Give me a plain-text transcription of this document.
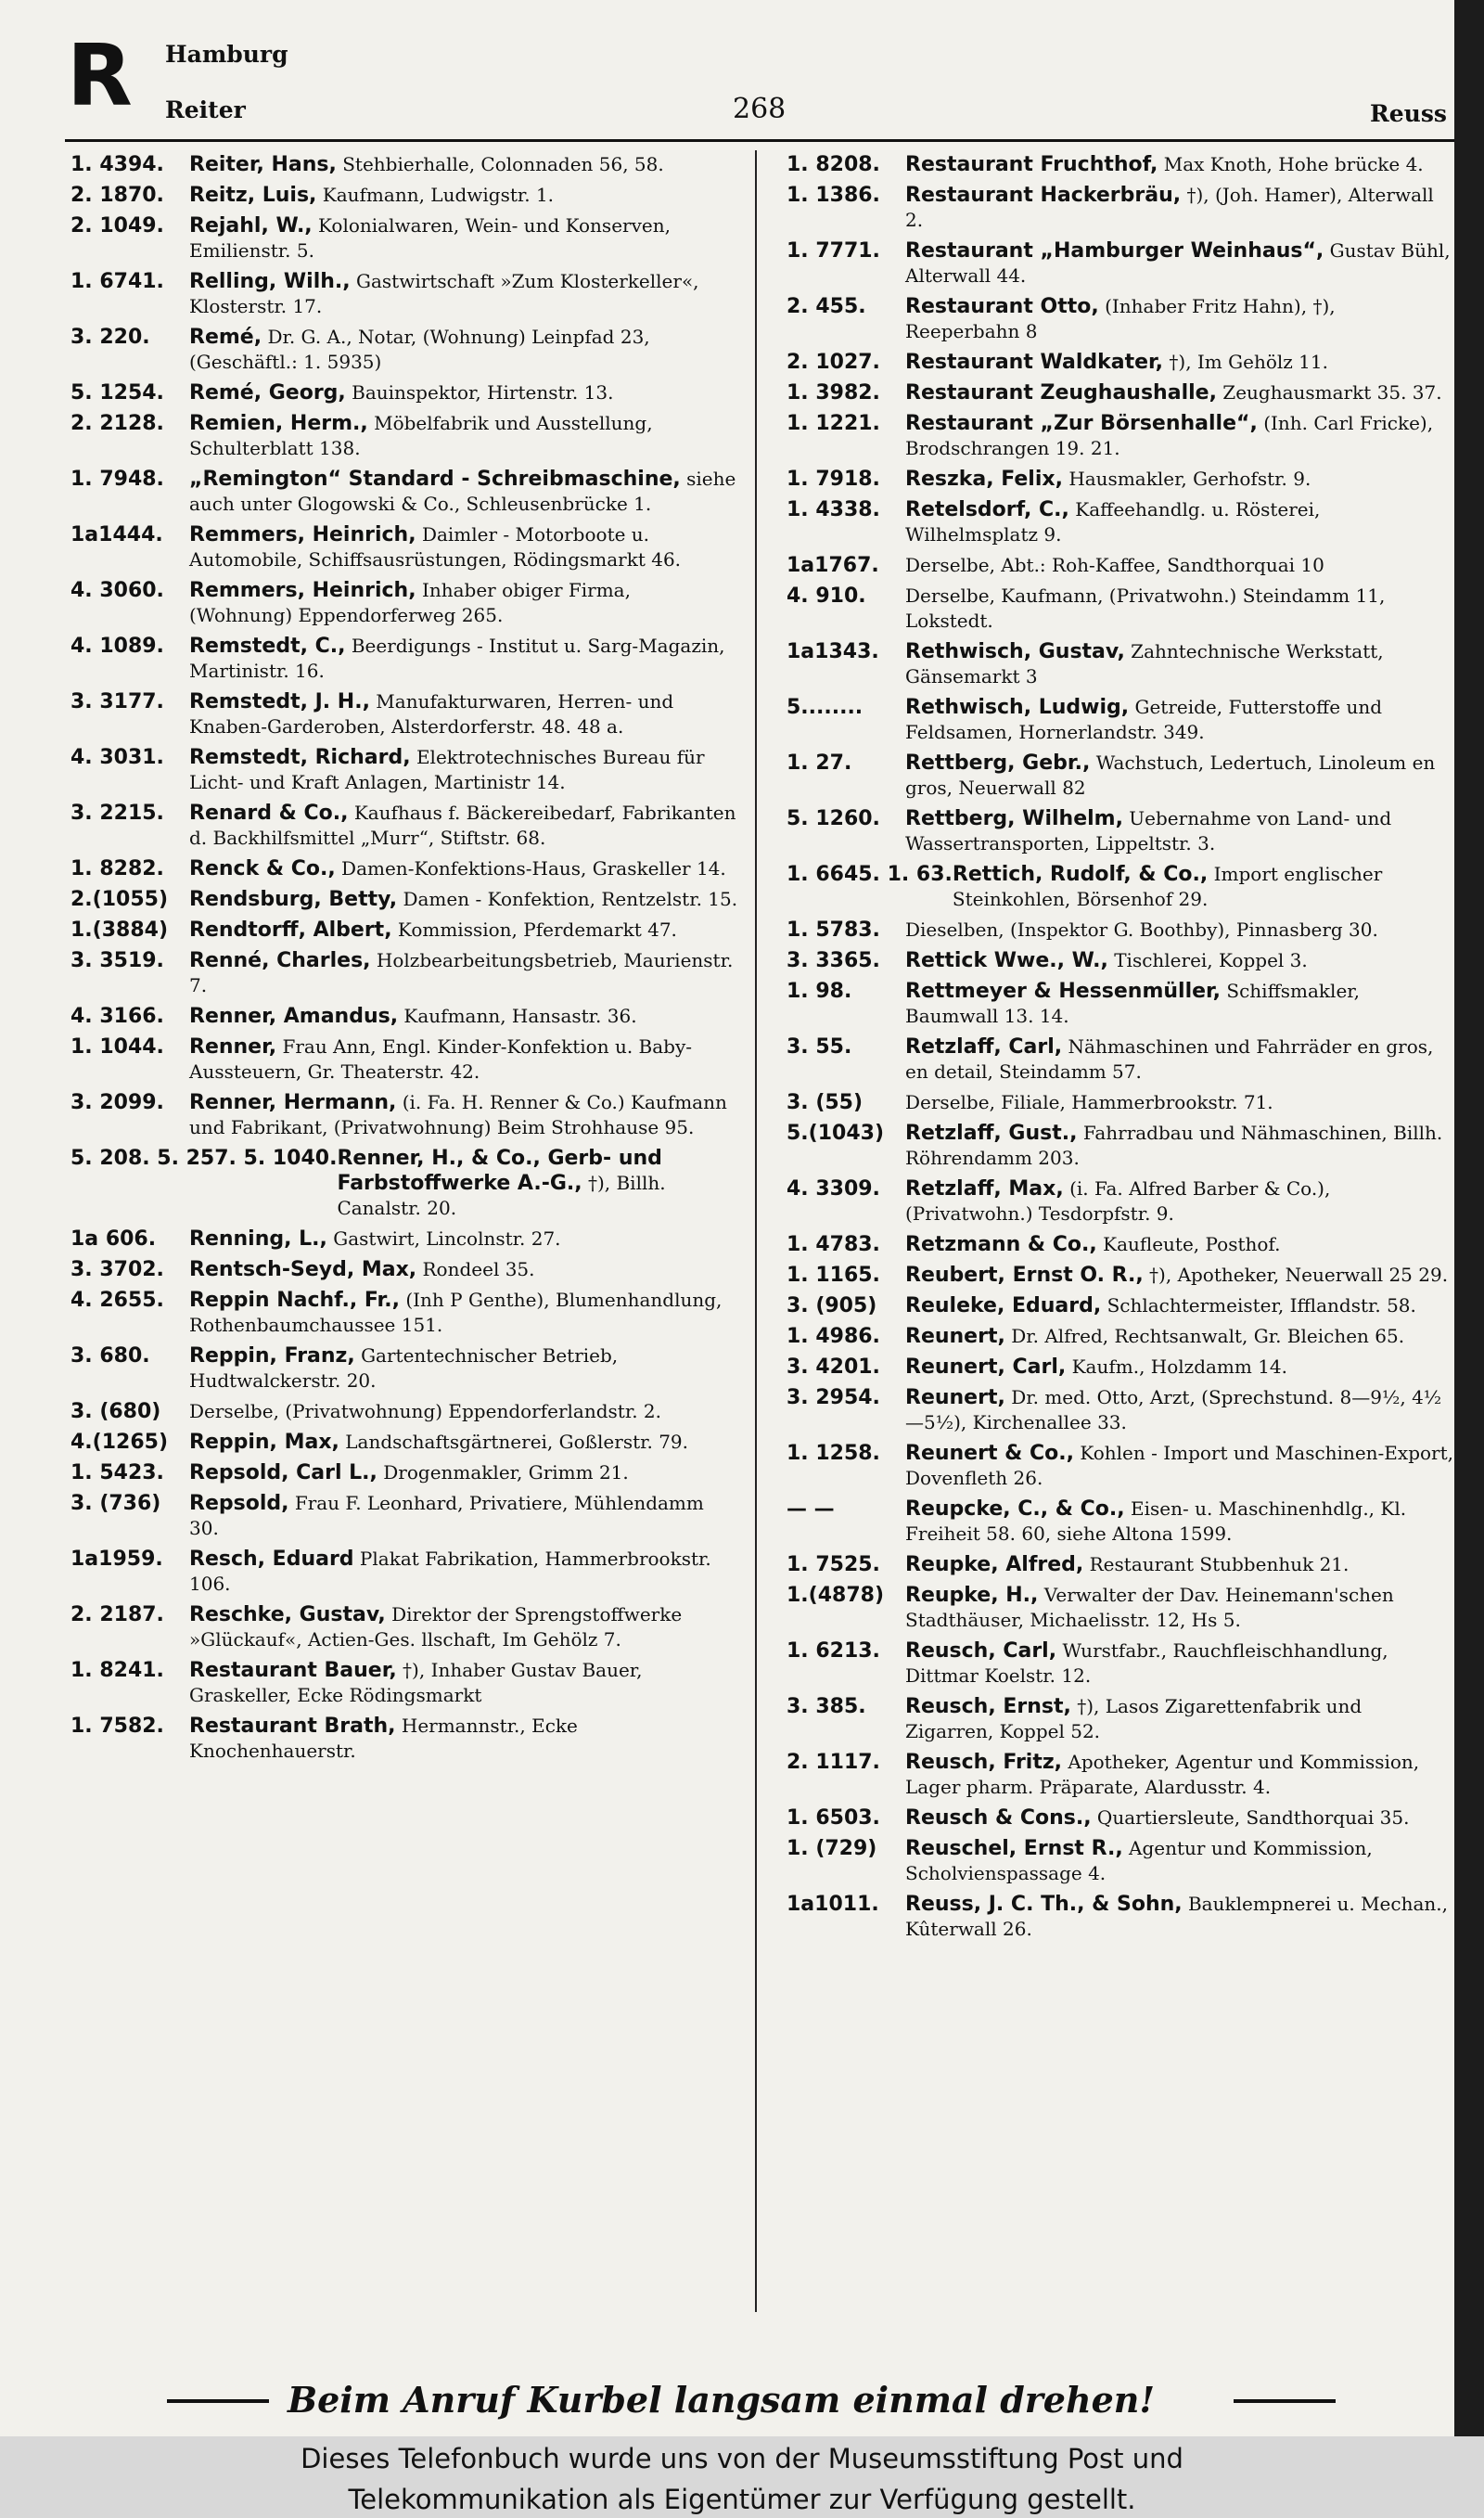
R Hamburg
Reiter	268	Reuss
1. 4394.	Reiter, Hans, Stehbierhalle, Colonnaden 56, 58.
2. 1870.	Reitz, Luis, Kaufmann, Ludwigstr. 1.
2. 1049.	Rejahl, W., Kolonialwaren, Wein- und Konserven, Emilienstr. 5.
1. 6741.	Relling, Wilh., Gastwirtschaft »Zum Klosterkeller«, Klosterstr. 17.
3. 220.	Remé, Dr. G. A., Notar, (Wohnung) Leinpfad 23, (Geschäftl.: 1. 5935)
5. 1254.	Remé, Georg, Bauinspektor, Hirtenstr. 13.
2. 2128.	Remien, Herm., Möbelfabrik und Ausstellung, Schulterblatt 138.
1. 7948.	„Remington“ Standard - Schreibmaschine, siehe auch unter Glogowski & Co., Schleusenbrücke 1.
1a1444.	Remmers, Heinrich, Daimler - Motorboote u. Automobile, Schiffsausrüstungen, Rödingsmarkt 46.
4. 3060.	Remmers, Heinrich, Inhaber obiger Firma, (Wohnung) Eppendorferweg 265.
4. 1089.	Remstedt, C., Beerdigungs - Institut u. Sarg-Magazin, Martinistr. 16.
3. 3177.	Remstedt, J. H., Manufakturwaren, Herren- und Knaben-Garderoben, Alsterdorferstr. 48. 48 a.
4. 3031.	Remstedt, Richard, Elektrotechnisches Bureau für Licht- und Kraft Anlagen, Martinistr 14.
3. 2215.	Renard & Co., Kaufhaus f. Bäckereibedarf, Fabrikanten d. Backhilfsmittel „Murr“, Stiftstr. 68.
1. 8282.	Renck & Co., Damen-Konfektions-Haus, Graskeller 14.
2.(1055)	Rendsburg, Betty, Damen - Konfektion, Rentzelstr. 15.
1.(3884)	Rendtorff, Albert, Kommission, Pferdemarkt 47.
3. 3519.	Renné, Charles, Holzbearbeitungsbetrieb, Maurienstr. 7.
4. 3166.	Renner, Amandus, Kaufmann, Hansastr. 36.
1. 1044.	Renner, Frau Ann, Engl. Kinder-Konfektion u. Baby-Aussteuern, Gr. Theaterstr. 42.
3. 2099.	Renner, Hermann, (i. Fa. H. Renner & Co.) Kaufmann und Fabrikant, (Privatwohnung) Beim Strohhause 95.
5. 208. 5. 257. 5. 1040. Renner, H., & Co., Gerb- und Farbstoffwerke A.-G., †), Billh. Canalstr. 20.
1a 606.	Renning, L., Gastwirt, Lincolnstr. 27.
3. 3702.	Rentsch-Seyd, Max, Rondeel 35.
4. 2655.	Reppin Nachf., Fr., (Inh P Genthe), Blumenhandlung, Rothenbaumchaussee 151.
3. 680.	Reppin, Franz, Gartentechnischer Betrieb, Hudtwalckerstr. 20.
3. (680)	Derselbe, (Privatwohnung) Eppendorferlandstr. 2.
4.(1265)	Reppin, Max, Landschaftsgärtnerei, Goßlerstr. 79.
1. 5423.	Repsold, Carl L., Drogenmakler, Grimm 21.
3. (736)	Repsold, Frau F. Leonhard, Privatiere, Mühlendamm 30.
1a1959.	Resch, Eduard Plakat Fabrikation, Hammerbrookstr. 106.
2. 2187.	Reschke, Gustav, Direktor der Sprengstoffwerke »Glückauf«, Actien-Ges. llschaft, Im Gehölz 7.
1. 8241.	Restaurant Bauer, †), Inhaber Gustav Bauer, Graskeller, Ecke Rödingsmarkt
1. 7582.	Restaurant Brath, Hermannstr., Ecke Knochenhauerstr.
1. 8208.	Restaurant Fruchthof, Max Knoth, Hohe brücke 4.
1. 1386.	Restaurant Hackerbräu, †), (Joh. Hamer), Alterwall 2.
1. 7771.	Restaurant „Hamburger Weinhaus“, Gustav Bühl, Alterwall 44.
2. 455.	Restaurant Otto, (Inhaber Fritz Hahn), †), Reeperbahn 8
2. 1027.	Restaurant Waldkater, †), Im Gehölz 11.
1. 3982.	Restaurant Zeughaushalle, Zeughausmarkt 35. 37.
1. 1221.	Restaurant „Zur Börsenhalle“, (Inh. Carl Fricke), Brodschrangen 19. 21.
1. 7918.	Reszka, Felix, Hausmakler, Gerhofstr. 9.
1. 4338.	Retelsdorf, C., Kaffeehandlg. u. Rösterei, Wilhelmsplatz 9.
1a1767.	Derselbe, Abt.: Roh-Kaffee, Sandthorquai 10
4. 910.	Derselbe, Kaufmann, (Privatwohn.) Steindamm 11, Lokstedt.
1a1343.	Rethwisch, Gustav, Zahntechnische Werkstatt, Gänsemarkt 3
5........	Rethwisch, Ludwig, Getreide, Futterstoffe und Feldsamen, Hornerlandstr. 349.
1. 27.	Rettberg, Gebr., Wachstuch, Ledertuch, Linoleum en gros, Neuerwall 82
5. 1260.	Rettberg, Wilhelm, Uebernahme von Land- und Wassertransporten, Lippeltstr. 3.
1. 6645. 1. 63. Rettich, Rudolf, & Co., Import englischer Steinkohlen, Börsenhof 29.
1. 5783.	Dieselben, (Inspektor G. Boothby), Pinnasberg 30.
3. 3365.	Rettick Wwe., W., Tischlerei, Koppel 3.
1. 98.	Rettmeyer & Hessenmüller, Schiffsmakler, Baumwall 13. 14.
3. 55.	Retzlaff, Carl, Nähmaschinen und Fahrräder en gros, en detail, Steindamm 57.
3. (55)	Derselbe, Filiale, Hammerbrookstr. 71.
5.(1043)	Retzlaff, Gust., Fahrradbau und Nähmaschinen, Billh. Röhrendamm 203.
4. 3309.	Retzlaff, Max, (i. Fa. Alfred Barber & Co.), (Privatwohn.) Tesdorpfstr. 9.
1. 4783.	Retzmann & Co., Kaufleute, Posthof.
1. 1165.	Reubert, Ernst O. R., †), Apotheker, Neuerwall 25 29.
3. (905)	Reuleke, Eduard, Schlachtermeister, Ifflandstr. 58.
1. 4986.	Reunert, Dr. Alfred, Rechtsanwalt, Gr. Bleichen 65.
3. 4201.	Reunert, Carl, Kaufm., Holzdamm 14.
3. 2954.	Reunert, Dr. med. Otto, Arzt, (Sprechstund. 8—9½, 4½—5½), Kirchenallee 33.
1. 1258.	Reunert & Co., Kohlen - Import und Maschinen-Export, Dovenfleth 26.
— —	Reupcke, C., & Co., Eisen- u. Maschinenhdlg., Kl. Freiheit 58. 60, siehe Altona 1599.
1. 7525.	Reupke, Alfred, Restaurant Stubbenhuk 21.
1.(4878)	Reupke, H., Verwalter der Dav. Heinemann'schen Stadthäuser, Michaelisstr. 12, Hs 5.
1. 6213.	Reusch, Carl, Wurstfabr., Rauchfleischhandlung, Dittmar Koelstr. 12.
3. 385.	Reusch, Ernst, †), Lasos Zigarettenfabrik und Zigarren, Koppel 52.
2. 1117.	Reusch, Fritz, Apotheker, Agentur und Kommission, Lager pharm. Präparate, Alardusstr. 4.
1. 6503.	Reusch & Cons., Quartiersleute, Sandthorquai 35.
1. (729)	Reuschel, Ernst R., Agentur und Kommission, Scholvienspassage 4.
1a1011.	Reuss, J. C. Th., & Sohn, Bauklempnerei u. Mechan., Kûterwall 26.
Beim Anruf Kurbel langsam einmal drehen!
Dieses Telefonbuch wurde uns von der Museumsstiftung Post und
Telekommunikation als Eigentümer zur Verfügung gestellt.
